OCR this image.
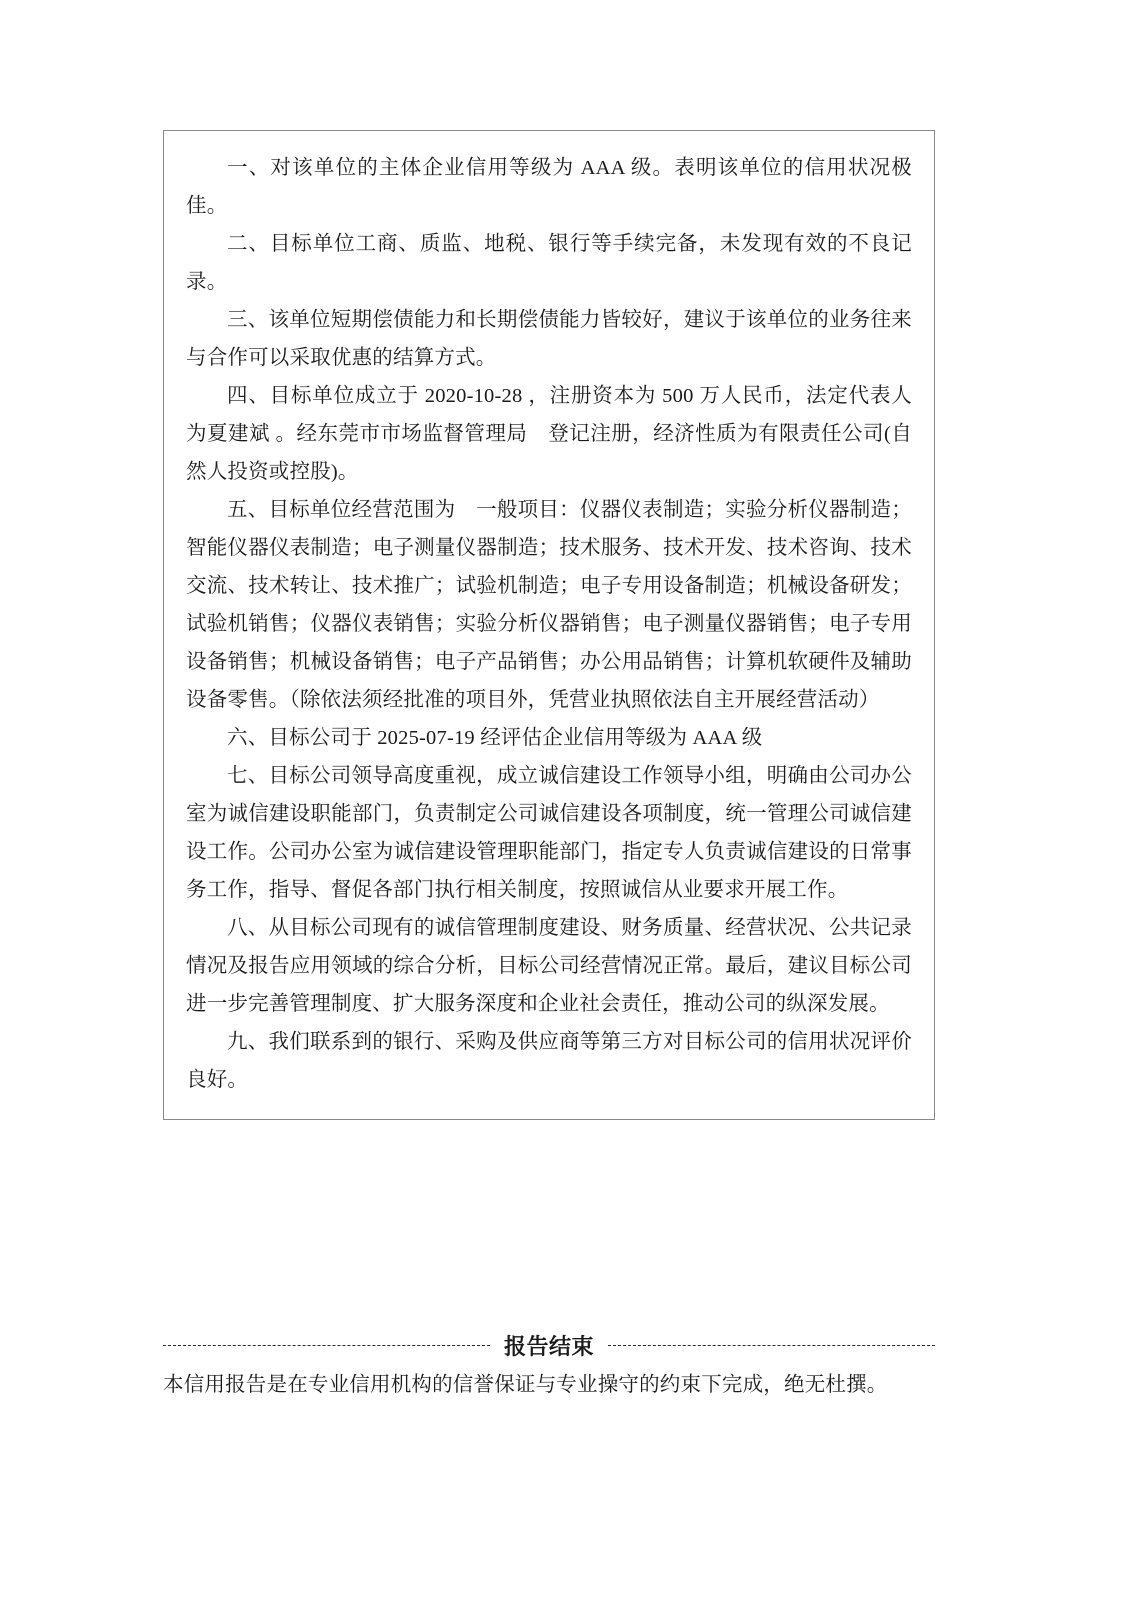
一、对该单位的主体企业信用等级为 AAA 级。表明该单位的信用状况极佳。

二、目标单位工商、质监、地税、银行等手续完备，未发现有效的不良记录。

三、该单位短期偿债能力和长期偿债能力皆较好，建议于该单位的业务往来与合作可以采取优惠的结算方式。

四、目标单位成立于 2020-10-28 ，注册资本为 500 万人民币，法定代表人为夏建斌 。经东莞市市场监督管理局　登记注册，经济性质为有限责任公司(自然人投资或控股)。

五、目标单位经营范围为　一般项目：仪器仪表制造；实验分析仪器制造；智能仪器仪表制造；电子测量仪器制造；技术服务、技术开发、技术咨询、技术交流、技术转让、技术推广；试验机制造；电子专用设备制造；机械设备研发；试验机销售；仪器仪表销售；实验分析仪器销售；电子测量仪器销售；电子专用设备销售；机械设备销售；电子产品销售；办公用品销售；计算机软硬件及辅助设备零售。（除依法须经批准的项目外，凭营业执照依法自主开展经营活动）

六、目标公司于 2025-07-19 经评估企业信用等级为 AAA 级

七、目标公司领导高度重视，成立诚信建设工作领导小组，明确由公司办公室为诚信建设职能部门，负责制定公司诚信建设各项制度，统一管理公司诚信建设工作。公司办公室为诚信建设管理职能部门，指定专人负责诚信建设的日常事务工作，指导、督促各部门执行相关制度，按照诚信从业要求开展工作。

八、从目标公司现有的诚信管理制度建设、财务质量、经营状况、公共记录情况及报告应用领域的综合分析，目标公司经营情况正常。最后，建议目标公司进一步完善管理制度、扩大服务深度和企业社会责任，推动公司的纵深发展。

九、我们联系到的银行、采购及供应商等第三方对目标公司的信用状况评价良好。

报告结束
本信用报告是在专业信用机构的信誉保证与专业操守的约束下完成，绝无杜撰。
